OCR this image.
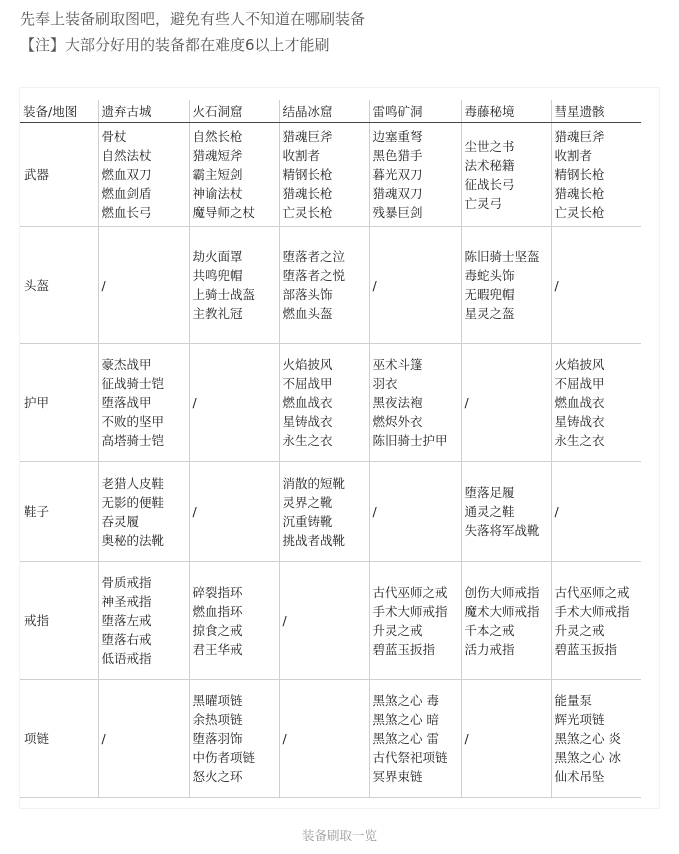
先奉上装备刷取图吧，避免有些人不知道在哪刷装备

【注】大部分好用的装备都在难度6以上才能刷

装备/地图	遗弃古城	火石洞窟	结晶冰窟	雷鸣矿洞	毒藤秘境	彗星遗骸
武器	骨杖
自然法杖
燃血双刀
燃血剑盾
燃血长弓	自然长枪
猎魂短斧
霸主短剑
神谕法杖
魔导师之杖	猎魂巨斧
收割者
精钢长枪
猎魂长枪
亡灵长枪	边塞重弩
黑色猎手
暮光双刀
猎魂双刀
残暴巨剑	尘世之书
法术秘籍
征战长弓
亡灵弓	猎魂巨斧
收割者
精钢长枪
猎魂长枪
亡灵长枪

头盔	/	劫火面罩
共鸣兜帽
上骑士战盔
主教礼冠	堕落者之泣
堕落者之悦
部落头饰
燃血头盔	/	陈旧骑士坚盔
毒蛇头饰
无暇兜帽
星灵之盔	/

护甲	豪杰战甲
征战骑士铠
堕落战甲
不败的坚甲
高塔骑士铠	/	火焰披风
不屈战甲
燃血战衣
星铸战衣
永生之衣	巫术斗篷
羽衣
黑夜法袍
燃烬外衣
陈旧骑士护甲	/	火焰披风
不屈战甲
燃血战衣
星铸战衣
永生之衣

鞋子	老猎人皮鞋
无影的便鞋
吞灵履
奥秘的法靴	/	消散的短靴
灵界之靴
沉重铸靴
挑战者战靴	/	堕落足履
通灵之鞋
失落将军战靴	/

戒指	骨质戒指
神圣戒指
堕落左戒
堕落右戒
低语戒指	碎裂指环
燃血指环
掠食之戒
君王华戒	/	古代巫师之戒
手术大师戒指
升灵之戒
碧蓝玉扳指	创伤大师戒指
魔术大师戒指
千本之戒
活力戒指	古代巫师之戒
手术大师戒指
升灵之戒
碧蓝玉扳指

项链	/	黑曜项链
余热项链
堕落羽饰
中伤者项链
怒火之环	/	黑煞之心 毒
黑煞之心 暗
黑煞之心 雷
古代祭祀项链
冥界束链	/	能量泵
辉光项链
黑煞之心 炎
黑煞之心 冰
仙术吊坠
装备刷取一览
